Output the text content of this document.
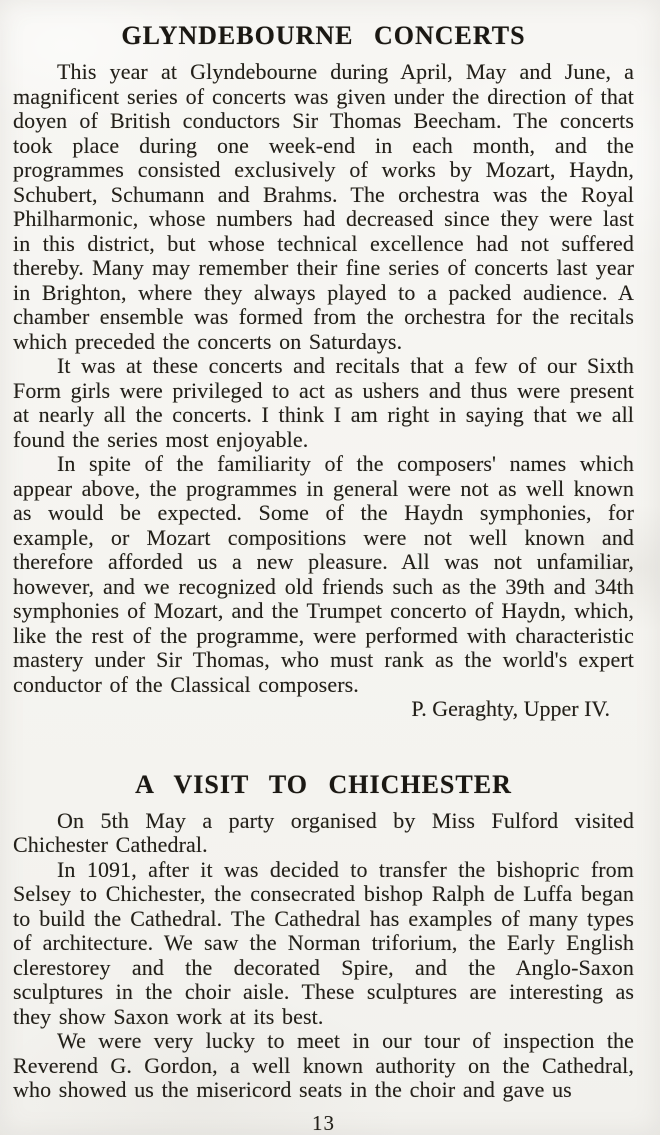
GLYNDEBOURNE CONCERTS

This year at Glyndebourne during April, May and June, a magnificent series of concerts was given under the direction of that doyen of British conductors Sir Thomas Beecham. The concerts took place during one week-end in each month, and the programmes consisted exclusively of works by Mozart, Haydn, Schubert, Schumann and Brahms. The orchestra was the Royal Philharmonic, whose numbers had decreased since they were last in this district, but whose technical excellence had not suffered thereby. Many may remember their fine series of concerts last year in Brighton, where they always played to a packed audience. A chamber ensemble was formed from the orchestra for the recitals which preceded the concerts on Saturdays.

It was at these concerts and recitals that a few of our Sixth Form girls were privileged to act as ushers and thus were present at nearly all the concerts. I think I am right in saying that we all found the series most enjoyable.

In spite of the familiarity of the composers' names which appear above, the programmes in general were not as well known as would be expected. Some of the Haydn symphonies, for example, or Mozart compositions were not well known and therefore afforded us a new pleasure. All was not unfamiliar, however, and we recognized old friends such as the 39th and 34th symphonies of Mozart, and the Trumpet concerto of Haydn, which, like the rest of the programme, were performed with characteristic mastery under Sir Thomas, who must rank as the world's expert conductor of the Classical composers.

P. Geraghty, Upper IV.
A VISIT TO CHICHESTER

On 5th May a party organised by Miss Fulford visited Chichester Cathedral.

In 1091, after it was decided to transfer the bishopric from Selsey to Chichester, the consecrated bishop Ralph de Luffa began to build the Cathedral. The Cathedral has examples of many types of architecture. We saw the Norman triforium, the Early English clerestorey and the decorated Spire, and the Anglo-Saxon sculptures in the choir aisle. These sculptures are interesting as they show Saxon work at its best.

We were very lucky to meet in our tour of inspection the Reverend G. Gordon, a well known authority on the Cathedral, who showed us the misericord seats in the choir and gave us

13
